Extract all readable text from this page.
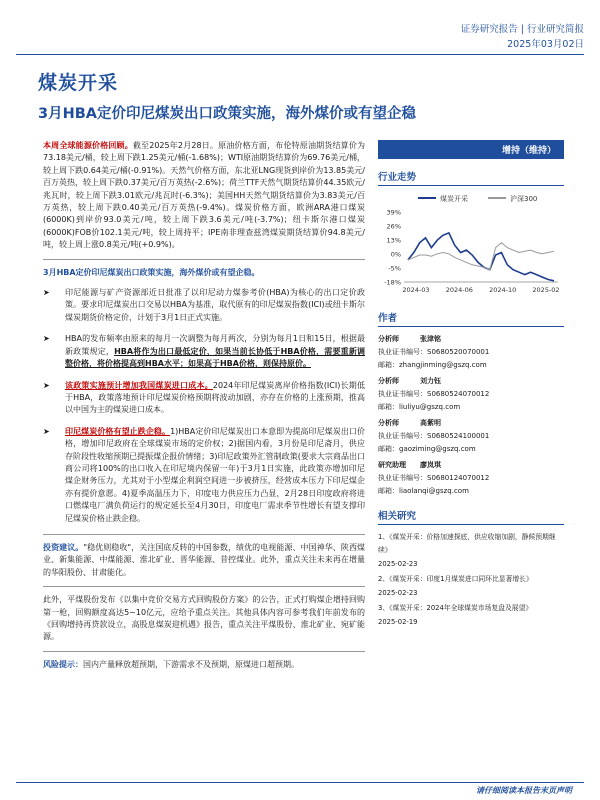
证券研究报告 | 行业研究简报
2025年03月02日
煤炭开采
3月HBA定价印尼煤炭出口政策实施，海外煤价或有望企稳

本周全球能源价格回顾。截至2025年2月28日。原油价格方面，布伦特原油期货结算价为73.18美元/桶，较上周下跌1.25美元/桶(-1.68%)；WTI原油期货结算价为69.76美元/桶，较上周下跌0.64美元/桶(-0.91%)。天然气价格方面，东北亚LNG现货到岸价为13.85美元/百万英热，较上周下跌0.37美元/百万英热(-2.6%)；荷兰TTF天然气期货结算价44.35欧元/兆瓦时，较上周下跌3.01欧元/兆瓦时(-6.3%)；美国HH天然气期货结算价为3.83美元/百万英热，较上周下跌0.40美元/百万英热(-9.4%)。煤炭价格方面，欧洲ARA港口煤炭(6000K)到岸价93.0美元/吨，较上周下跌3.6美元/吨(-3.7%)；纽卡斯尔港口煤炭(6000K)FOB价102.1美元/吨，较上周持平；IPE南非理查兹湾煤炭期货结算价94.8美元/吨，较上周上涨0.8美元/吨(+0.9%)。

3月HBA定价印尼煤炭出口政策实施，海外煤价或有望企稳。
➤ 印尼能源与矿产资源部近日批准了以印尼动力煤参考价(HBA)为核心的出口定价政策。要求印尼煤炭出口交易以HBA为基准，取代原有的印尼煤炭指数(ICI)或纽卡斯尔煤炭期货价格定价，计划于3月1日正式实施。
➤ HBA的发布频率由原来的每月一次调整为每月两次，分别为每月1日和15日，根据最新政策规定，HBA将作为出口最低定价，如果当前长协低于HBA价格，需要重新调整价格，将价格提高到HBA水平；如果高于HBA价格，则保持原价。
➤ 该政策实施预计增加我国煤炭进口成本。2024年印尼煤炭离岸价格指数(ICI)长期低于HBA，政策落地预计印尼煤炭价格预期将波动加剧，亦存在价格的上涨预期，推高以中国为主的煤炭进口成本。
➤ 印尼煤炭价格有望止跌企稳。1)HBA定价印尼煤炭出口本意即为提高印尼煤炭出口价格，增加印尼政府在全球煤炭市场的定价权；2)据国内看，3月份是印尼斋月，供应存阶段性收缩预期已提振煤企报价情绪；3)印尼政策外汇管制政策(要求大宗商品出口商公司将100%的出口收入在印尼境内保留一年)于3月1日实施，此政策亦增加印尼煤企财务压力，尤其对于小型煤企利润空间进一步被挤压，经营成本压力下印尼煤企亦有提价意愿。4)夏季高温压力下，印度电力供应压力凸显，2月28日印度政府将进口燃煤电厂满负荷运行的规定延长至4月30日，印度电厂需求季节性增长有望支撑印尼煤炭价格止跌企稳。

投资建议。"稳优则稳收"，关注国底反转的中国参数，绩优的电视能源、中国神华、陕西煤业、新集能源、中煤能源、淮北矿业、晋华能源、昔控煤业。此外，重点关注未来再在增量的华阳股份、甘肃能化。

此外，平煤股份发布《以集中竞价交易方式回购股份方案》的公告，正式打购煤企增持回购第一枪，回购额度高达5~10亿元，应给予重点关注。其他具体内容可参考我们年前发布的《回购增持再贷款设立，高股息煤炭迎机遇》报告，重点关注平煤股份、淮北矿业、宛矿能源。

风险提示：国内产量释放超预期，下游需求不及预期，原煤进口超预期。

增持（维持）
行业走势
煤炭开采	沪深300
39%
26%
13%
0%
-5%
-18%
2024-03 2024-06 2024-10 2025-02
作者
分析师	张津铭
执业证书编号：S0680520070001
邮箱：zhangjinming@gszq.com
分析师	刘力钰
执业证书编号：S0680524070012
邮箱：liuliyu@gszq.com
分析师	高紫明
执业证书编号：S0680524100001
邮箱：gaoziming@gszq.com
研究助理 廖岚琪
执业证书编号：S0680124070012
邮箱：liaolanqi@gszq.com
相关研究
1、《煤炭开采：价格加速探底，供应收缩加剧，静候预期继续》
2025-02-23
2、《煤炭开采：印度1月煤炭进口同环比显著增长》
2025-02-23
3、《煤炭开采：2024年全球煤炭市场复盘及展望》
2025-02-19
请仔细阅读本报告末页声明
